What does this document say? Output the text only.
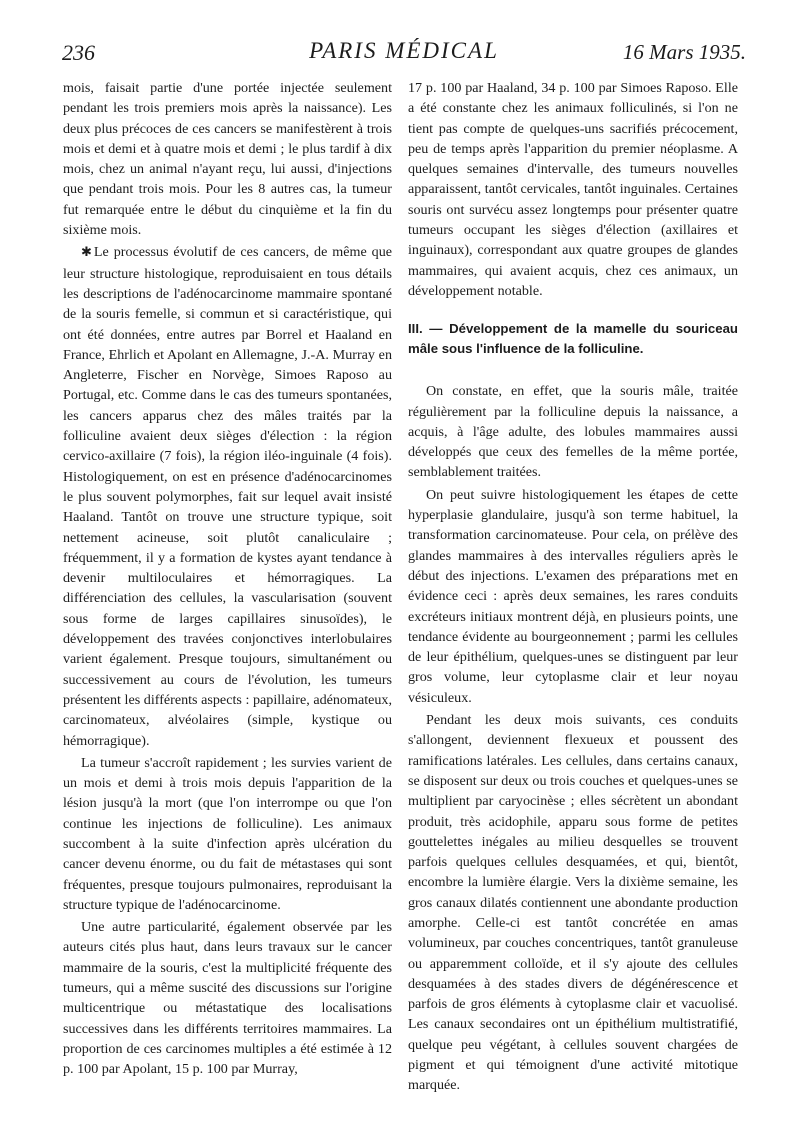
236	PARIS MÉDICAL	16 Mars 1935.

mois, faisait partie d'une portée injectée seulement pendant les trois premiers mois après la naissance). Les deux plus précoces de ces cancers se manifestèrent à trois mois et demi et à quatre mois et demi ; le plus tardif à dix mois, chez un animal n'ayant reçu, lui aussi, d'injections que pendant trois mois. Pour les 8 autres cas, la tumeur fut remarquée entre le début du cinquième et la fin du sixième mois.

✱ Le processus évolutif de ces cancers, de même que leur structure histologique, reproduisaient en tous détails les descriptions de l'adénocarcinome mammaire spontané de la souris femelle, si commun et si caractéristique, qui ont été données, entre autres par Borrel et Haaland en France, Ehrlich et Apolant en Allemagne, J.-A. Murray en Angleterre, Fischer en Norvège, Simoes Raposo au Portugal, etc. Comme dans le cas des tumeurs spontanées, les cancers apparus chez des mâles traités par la folliculine avaient deux sièges d'élection : la région cervico-axillaire (7 fois), la région iléo-inguinale (4 fois). Histologiquement, on est en présence d'adénocarcinomes le plus souvent polymorphes, fait sur lequel avait insisté Haaland. Tantôt on trouve une structure typique, soit nettement acineuse, soit plutôt canaliculaire ; fréquemment, il y a formation de kystes ayant tendance à devenir multiloculaires et hémorragiques. La différenciation des cellules, la vascularisation (souvent sous forme de larges capillaires sinusoïdes), le développement des travées conjonctives interlobulaires varient également. Presque toujours, simultanément ou successivement au cours de l'évolution, les tumeurs présentent les différents aspects : papillaire, adénomateux, carcinomateux, alvéolaires (simple, kystique ou hémorragique).

La tumeur s'accroît rapidement ; les survies varient de un mois et demi à trois mois depuis l'apparition de la lésion jusqu'à la mort (que l'on interrompe ou que l'on continue les injections de folliculine). Les animaux succombent à la suite d'infection après ulcération du cancer devenu énorme, ou du fait de métastases qui sont fréquentes, presque toujours pulmonaires, reproduisant la structure typique de l'adénocarcinome.

Une autre particularité, également observée par les auteurs cités plus haut, dans leurs travaux sur le cancer mammaire de la souris, c'est la multiplicité fréquente des tumeurs, qui a même suscité des discussions sur l'origine multicentrique ou métastatique des localisations successives dans les différents territoires mammaires. La proportion de ces carcinomes multiples a été estimée à 12 p. 100 par Apolant, 15 p. 100 par Murray,

17 p. 100 par Haaland, 34 p. 100 par Simoes Raposo. Elle a été constante chez les animaux folliculinés, si l'on ne tient pas compte de quelques-uns sacrifiés précocement, peu de temps après l'apparition du premier néoplasme. A quelques semaines d'intervalle, des tumeurs nouvelles apparaissent, tantôt cervicales, tantôt inguinales. Certaines souris ont survécu assez longtemps pour présenter quatre tumeurs occupant les sièges d'élection (axillaires et inguinaux), correspondant aux quatre groupes de glandes mammaires, qui avaient acquis, chez ces animaux, un développement notable.

III. — Développement de la mamelle du souriceau mâle sous l'influence de la folliculine.

On constate, en effet, que la souris mâle, traitée régulièrement par la folliculine depuis la naissance, a acquis, à l'âge adulte, des lobules mammaires aussi développés que ceux des femelles de la même portée, semblablement traitées.

On peut suivre histologiquement les étapes de cette hyperplasie glandulaire, jusqu'à son terme habituel, la transformation carcinomateuse. Pour cela, on prélève des glandes mammaires à des intervalles réguliers après le début des injections. L'examen des préparations met en évidence ceci : après deux semaines, les rares conduits excréteurs initiaux montrent déjà, en plusieurs points, une tendance évidente au bourgeonnement ; parmi les cellules de leur épithélium, quelques-unes se distinguent par leur gros volume, leur cytoplasme clair et leur noyau vésiculeux.

Pendant les deux mois suivants, ces conduits s'allongent, deviennent flexueux et poussent des ramifications latérales. Les cellules, dans certains canaux, se disposent sur deux ou trois couches et quelques-unes se multiplient par caryocinèse ; elles sécrètent un abondant produit, très acidophile, apparu sous forme de petites gouttelettes inégales au milieu desquelles se trouvent parfois quelques cellules desquamées, et qui, bientôt, encombre la lumière élargie. Vers la dixième semaine, les gros canaux dilatés contiennent une abondante production amorphe. Celle-ci est tantôt concrétée en amas volumineux, par couches concentriques, tantôt granuleuse ou apparemment colloïde, et il s'y ajoute des cellules desquamées à des stades divers de dégénérescence et parfois de gros éléments à cytoplasme clair et vacuolisé. Les canaux secondaires ont un épithélium multistratifié, quelque peu végétant, à cellules souvent chargées de pigment et qui témoignent d'une activité mitotique marquée.
